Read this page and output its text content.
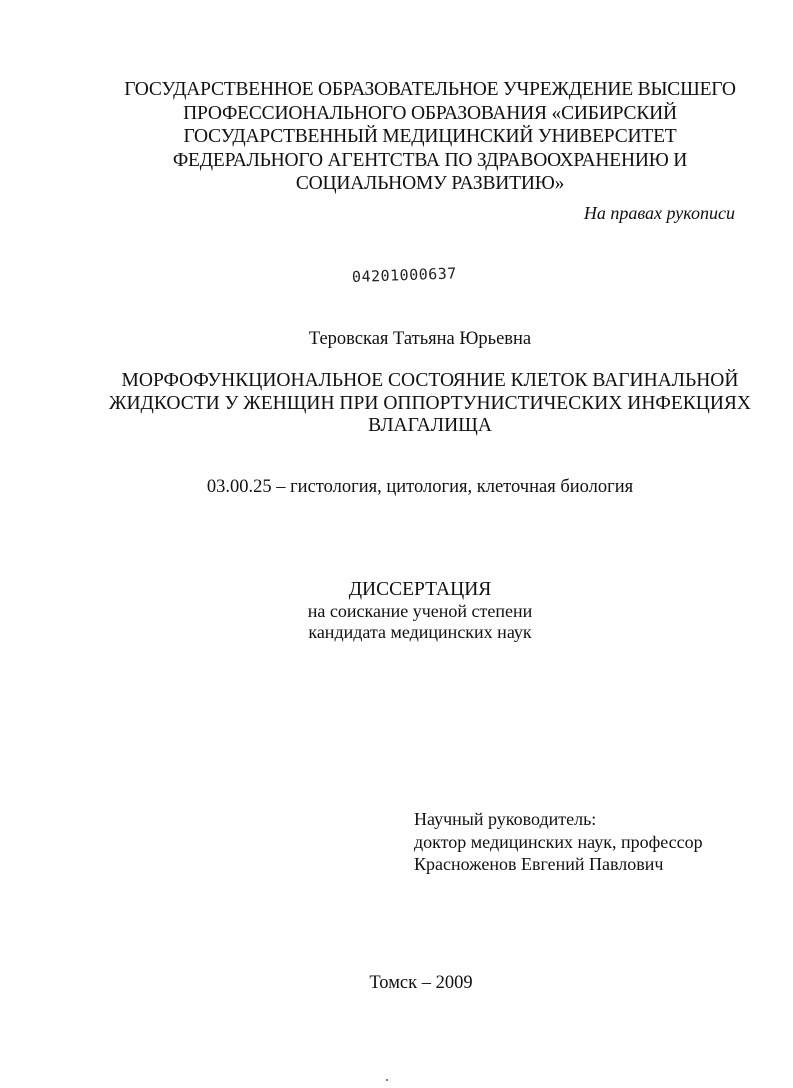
ГОСУДАРСТВЕННОЕ ОБРАЗОВАТЕЛЬНОЕ УЧРЕЖДЕНИЕ ВЫСШЕГО
ПРОФЕССИОНАЛЬНОГО ОБРАЗОВАНИЯ «СИБИРСКИЙ
ГОСУДАРСТВЕННЫЙ МЕДИЦИНСКИЙ УНИВЕРСИТЕТ
ФЕДЕРАЛЬНОГО АГЕНТСТВА ПО ЗДРАВООХРАНЕНИЮ И
СОЦИАЛЬНОМУ РАЗВИТИЮ»
На правах рукописи
04201000637
Теровская Татьяна Юрьевна
МОРФОФУНКЦИОНАЛЬНОЕ СОСТОЯНИЕ КЛЕТОК ВАГИНАЛЬНОЙ
ЖИДКОСТИ У ЖЕНЩИН ПРИ ОППОРТУНИСТИЧЕСКИХ ИНФЕКЦИЯХ
ВЛАГАЛИЩА
03.00.25 – гистология, цитология, клеточная биология
ДИССЕРТАЦИЯ
на соискание ученой степени
кандидата медицинских наук
Научный руководитель:
доктор медицинских наук, профессор
Красноженов Евгений Павлович
Томск – 2009
